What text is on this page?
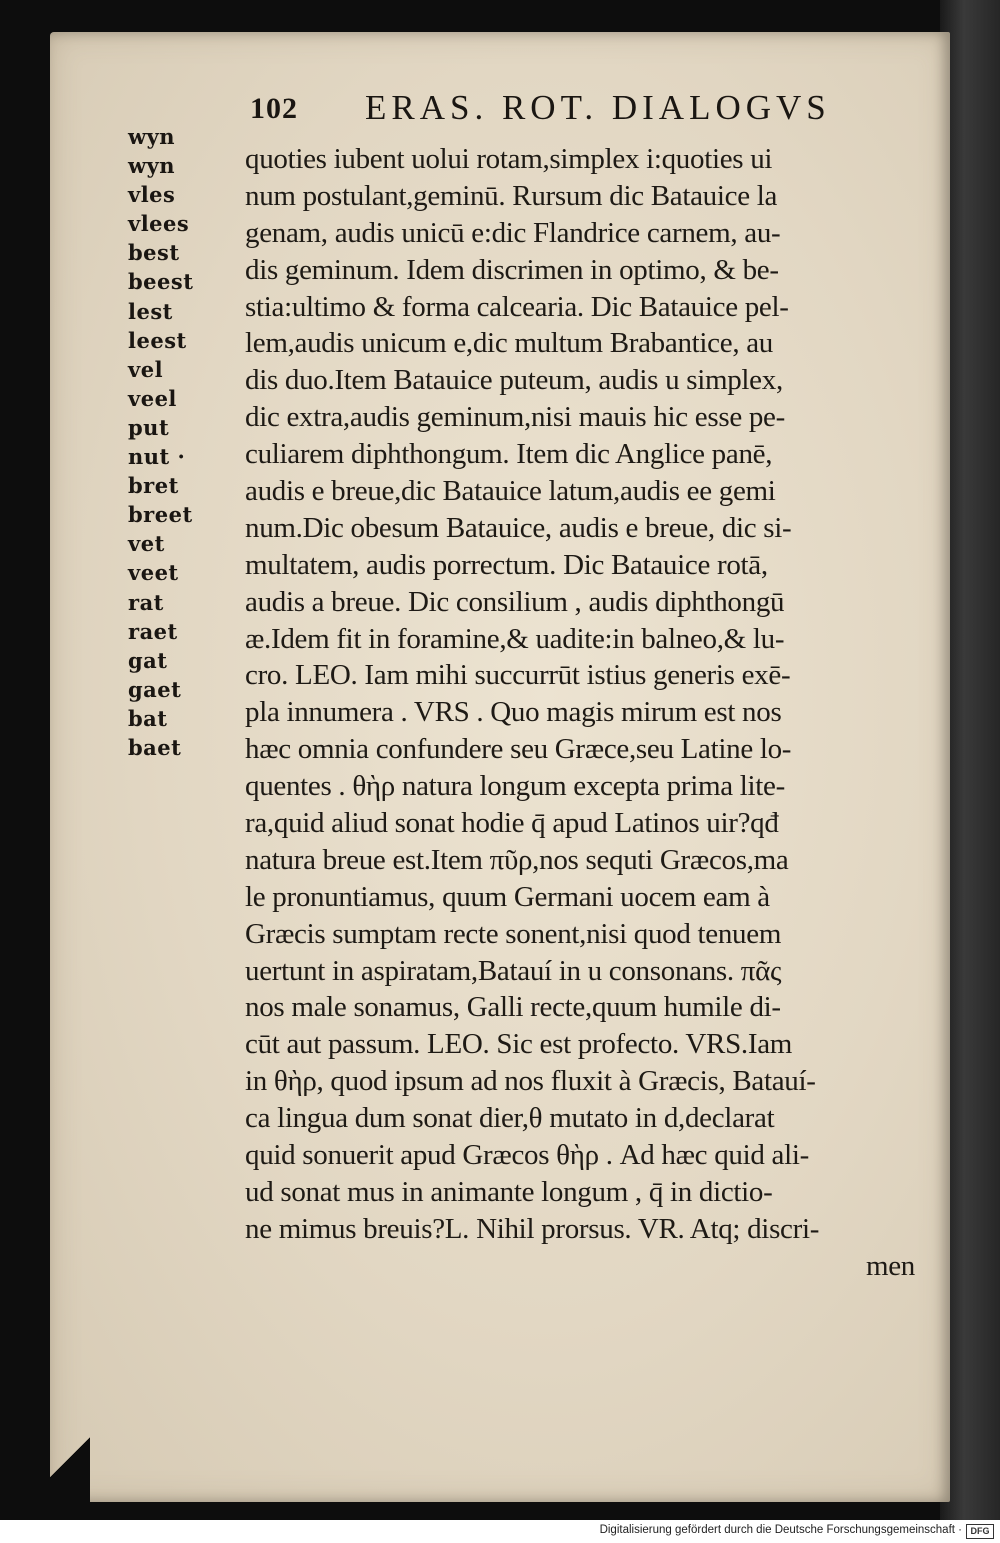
102 ERAS. ROT. DIALOGVS
wyn
wyn
vles
vlees
best
beest
lest
leest
vel
veel
put
nut ·
bret
breet
vet
veet
rat
raet
gat
gaet
bat
baet
quoties iubent uolui rotam,simplex i:quoties ui
num postulant,geminū. Rursum dic Batauice la
genam, audis unicū e:dic Flandrice carnem, au-
dis geminum. Idem discrimen in optimo, & be-
stia:ultimo & forma calcearia. Dic Batauice pel-
lem,audis unicum e,dic multum Brabantice, au
dis duo.Item Batauice puteum, audis u simplex,
dic extra,audis geminum,nisi mauis hic esse pe-
culiarem diphthongum. Item dic Anglice panē,
audis e breue,dic Batauice latum,audis ee gemi
num.Dic obesum Batauice, audis e breue, dic si-
multatem, audis porrectum. Dic Batauice rotā,
audis a breue. Dic consilium , audis diphthongū
æ.Idem fit in foramine,& uadite:in balneo,& lu-
cro. LEO. Iam mihi succurrūt istius generis exē-
pla innumera . VRS . Quo magis mirum est nos
hæc omnia confundere seu Græce,seu Latine lo-
quentes . θὴρ natura longum excepta prima lite-
ra,quid aliud sonat hodie q̄ apud Latinos uir?qđ
natura breue est.Item πῦρ,nos sequti Græcos,ma
le pronuntiamus, quum Germani uocem eam à
Græcis sumptam recte sonent,nisi quod tenuem
uertunt in aspiratam,Batauí in u consonans. πᾶς
nos male sonamus, Galli recte,quum humile di-
cūt aut passum. LEO. Sic est profecto. VRS.Iam
in θὴρ, quod ipsum ad nos fluxit à Græcis, Batauí-
ca lingua dum sonat dier,θ mutato in d,declarat
quid sonuerit apud Græcos θὴρ . Ad hæc quid ali-
ud sonat mus in animante longum , q̄ in dictio-
ne mimus breuis?L. Nihil prorsus. VR. Atq; discri-
men
Digitalisierung gefördert durch die Deutsche Forschungsgemeinschaft · DFG
